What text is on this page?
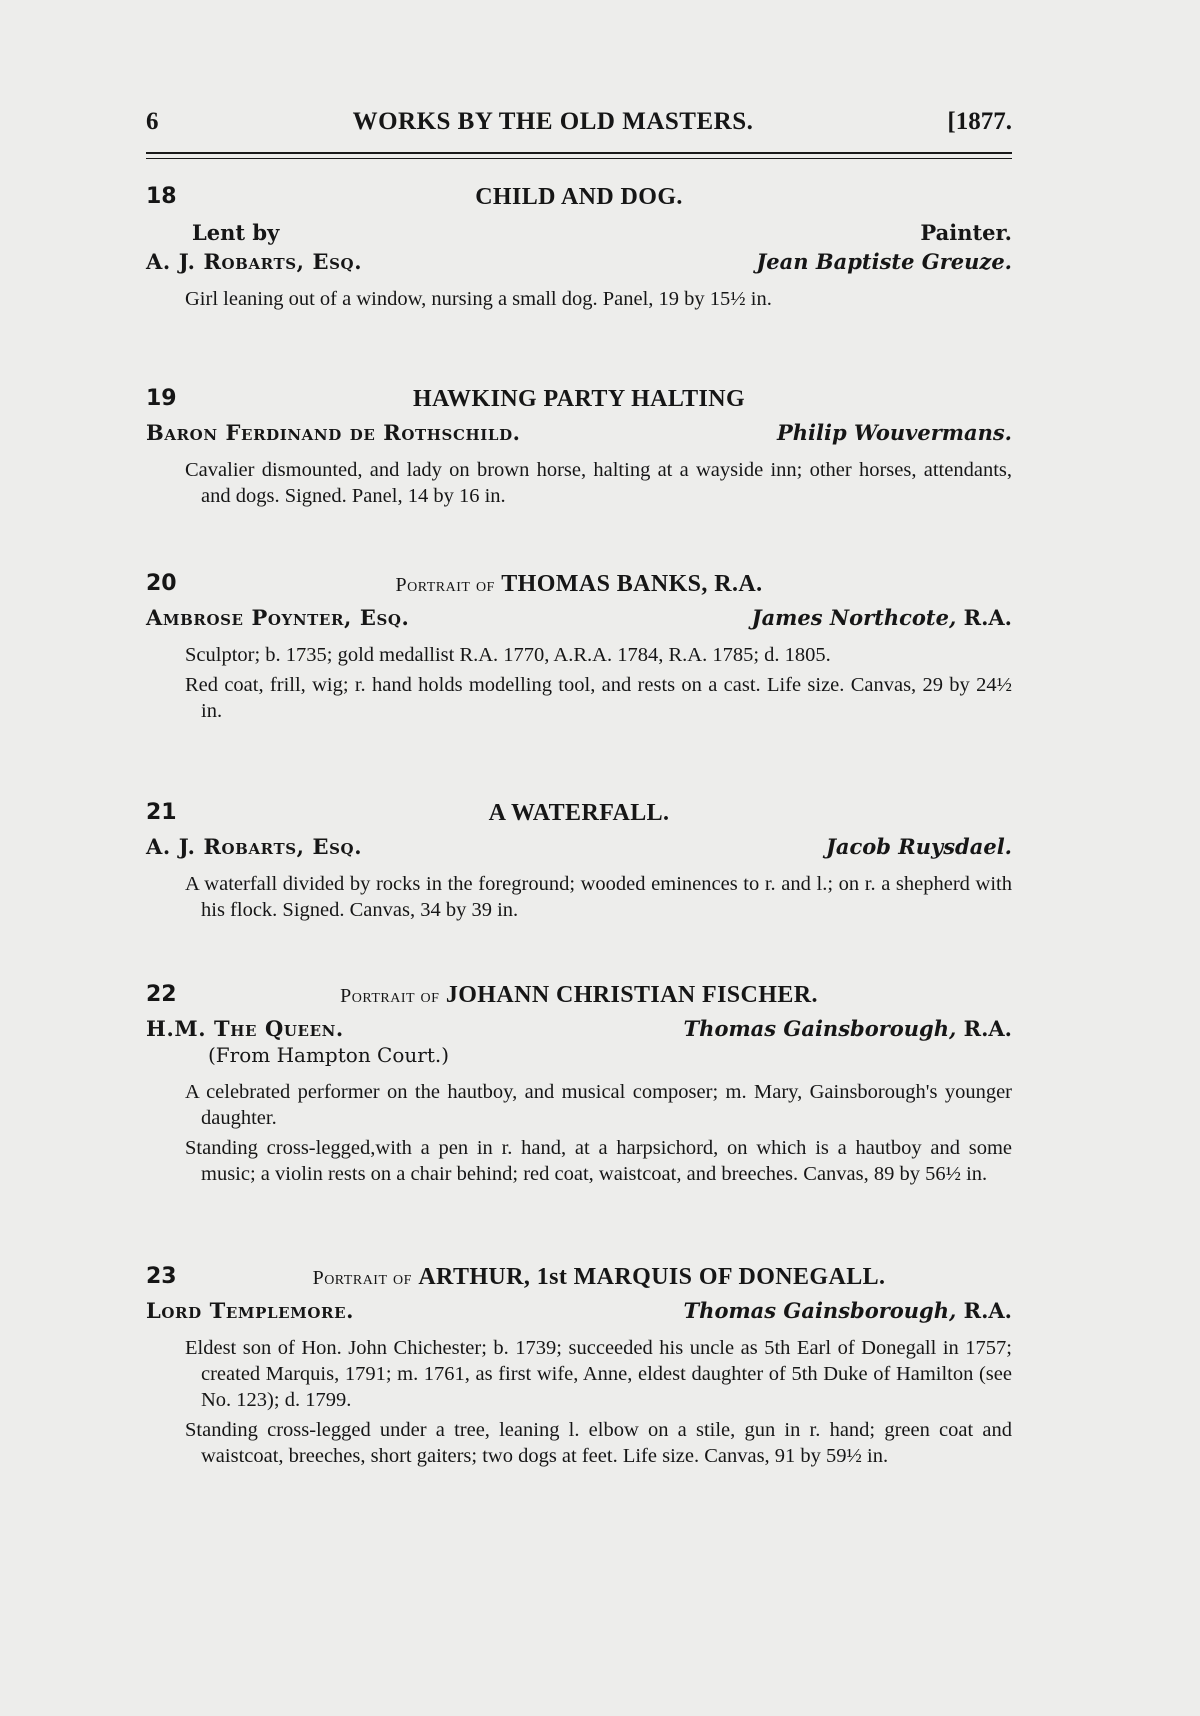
6	WORKS BY THE OLD MASTERS.	[1877.
18	CHILD AND DOG.
Lent by	Painter.
A. J. Robarts, Esq.	Jean Baptiste Greuze.
Girl leaning out of a window, nursing a small dog. Panel, 19 by 15½ in.
19	HAWKING PARTY HALTING
Baron Ferdinand de Rothschild.	Philip Wouvermans.
Cavalier dismounted, and lady on brown horse, halting at a wayside inn; other horses, attendants, and dogs. Signed. Panel, 14 by 16 in.
20	Portrait of THOMAS BANKS, R.A.
Ambrose Poynter, Esq.	James Northcote, R.A.
Sculptor; b. 1735; gold medallist R.A. 1770, A.R.A. 1784, R.A. 1785; d. 1805.
Red coat, frill, wig; r. hand holds modelling tool, and rests on a cast. Life size. Canvas, 29 by 24½ in.
21	A WATERFALL.
A. J. Robarts, Esq.	Jacob Ruysdael.
A waterfall divided by rocks in the foreground; wooded eminences to r. and l.; on r. a shepherd with his flock. Signed. Canvas, 34 by 39 in.
22	Portrait of JOHANN CHRISTIAN FISCHER.
H.M. The Queen.	Thomas Gainsborough, R.A.
(From Hampton Court.)
A celebrated performer on the hautboy, and musical composer; m. Mary, Gainsborough's younger daughter.
Standing cross-legged,with a pen in r. hand, at a harpsichord, on which is a hautboy and some music; a violin rests on a chair behind; red coat, waistcoat, and breeches. Canvas, 89 by 56½ in.
23	Portrait of ARTHUR, 1st MARQUIS OF DONEGALL.
Lord Templemore.	Thomas Gainsborough, R.A.
Eldest son of Hon. John Chichester; b. 1739; succeeded his uncle as 5th Earl of Donegall in 1757; created Marquis, 1791; m. 1761, as first wife, Anne, eldest daughter of 5th Duke of Hamilton (see No. 123); d. 1799.
Standing cross-legged under a tree, leaning l. elbow on a stile, gun in r. hand; green coat and waistcoat, breeches, short gaiters; two dogs at feet. Life size. Canvas, 91 by 59½ in.
